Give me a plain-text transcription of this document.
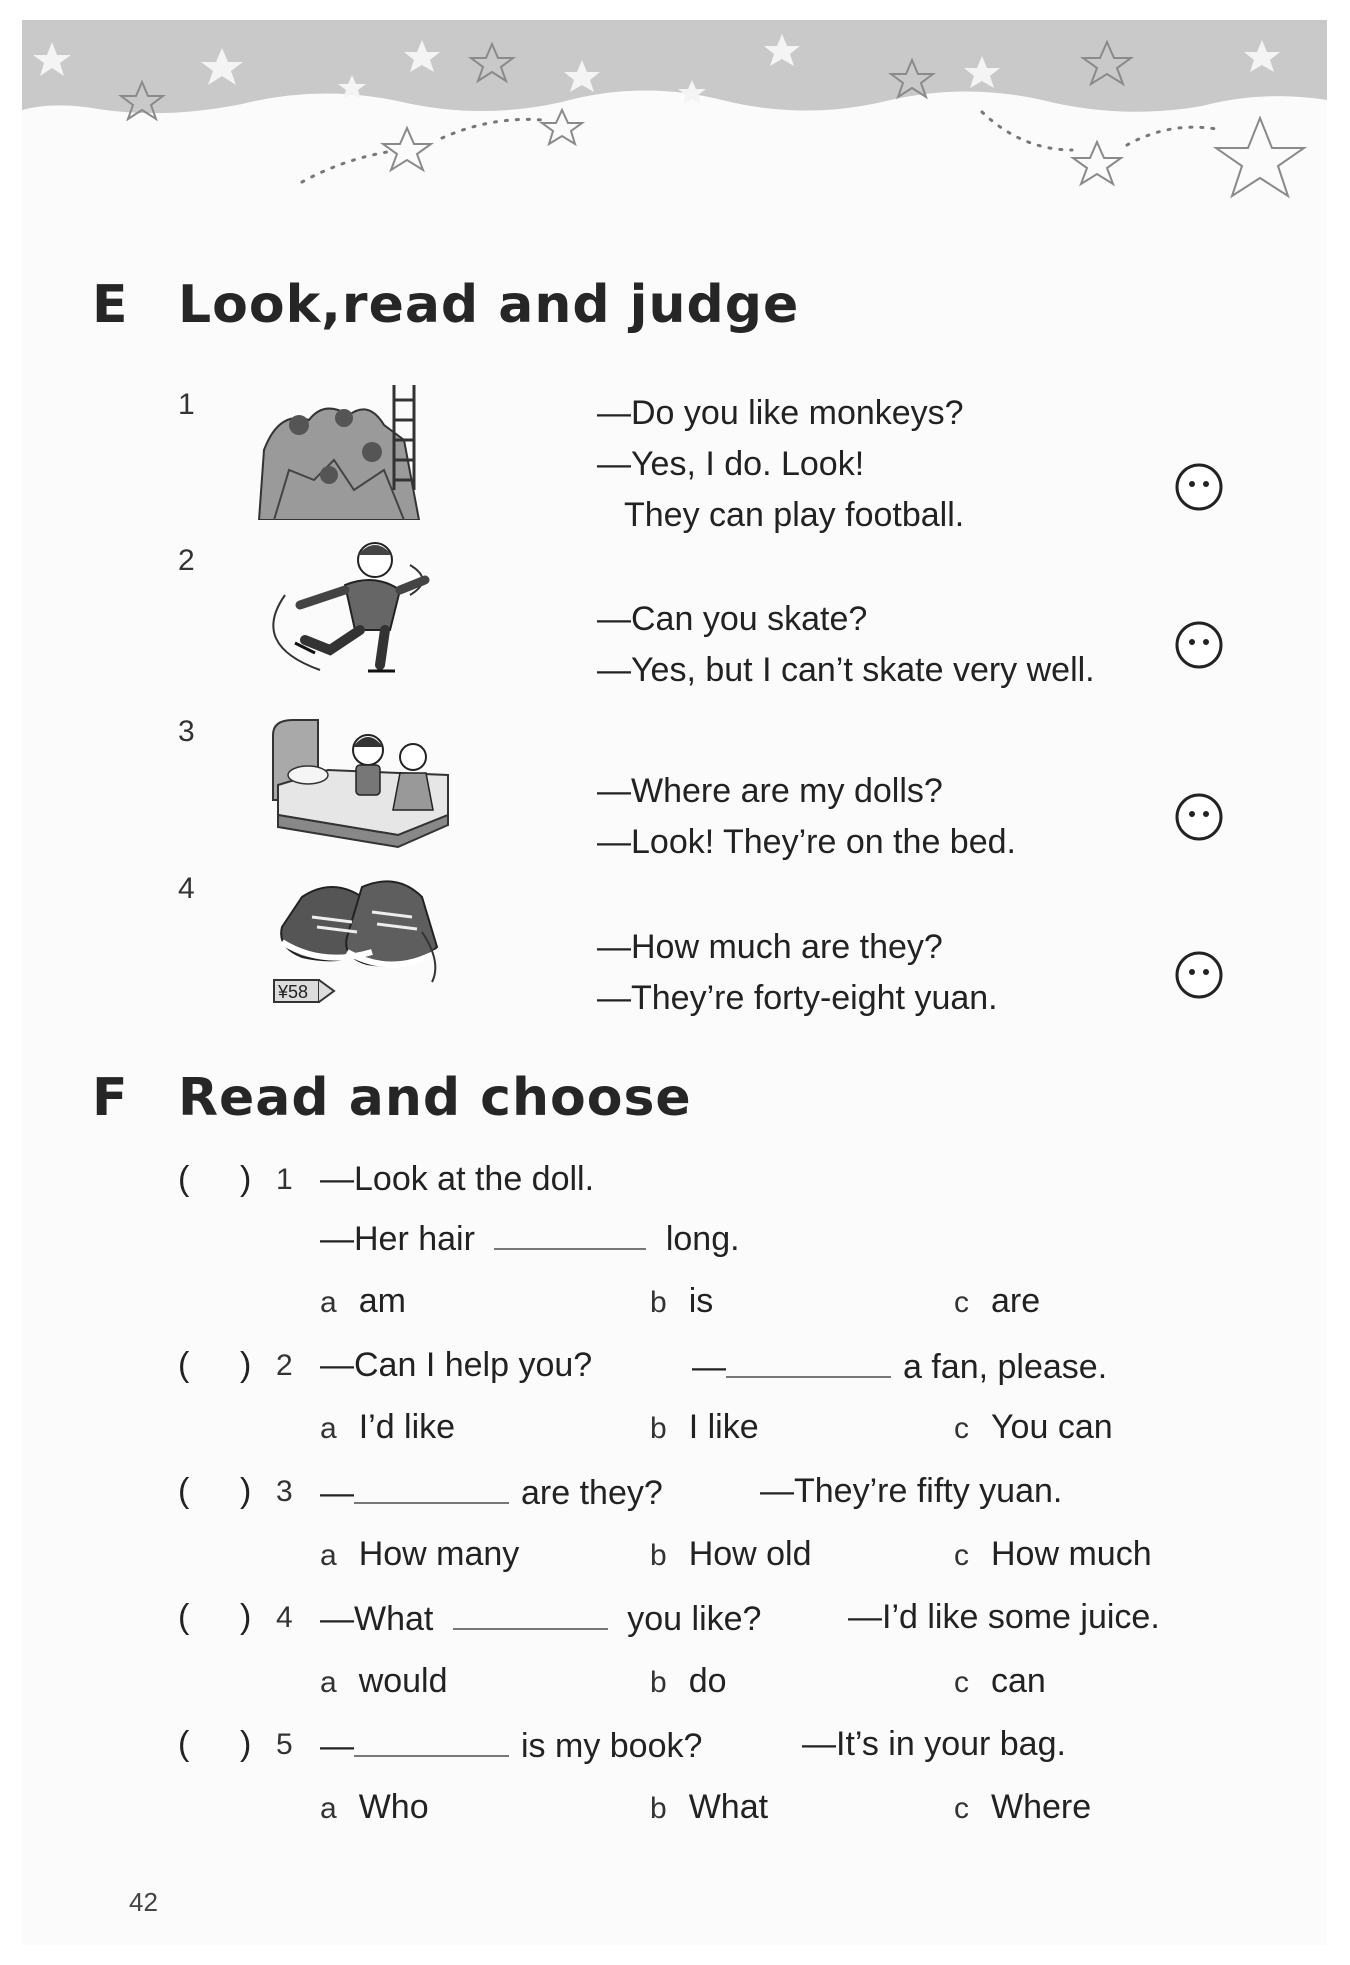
E Look,read and judge
1	—Do you like monkeys?
—Yes, I do. Look!
They can play football.
2
—Can you skate?
—Yes, but I can’t skate very well.
3
—Where are my dolls?
—Look! They’re on the bed.
4
¥58
—How much are they?
—They’re forty-eight yuan.
F Read and choose
( ) 1 —Look at the doll.
—Her hair	long.
a am	b is	c are
( ) 2 —Can I help you?	—	a fan, please.
a I’d like	b I like	c You can
( ) 3 —	are they?	—They’re fifty yuan.
a How many	b How old	c How much
( ) 4 —What	you like?	—I’d like some juice.
a would	b do	c can
( ) 5 —	is my book?	—It’s in your bag.
a Who	b What	c Where
42
